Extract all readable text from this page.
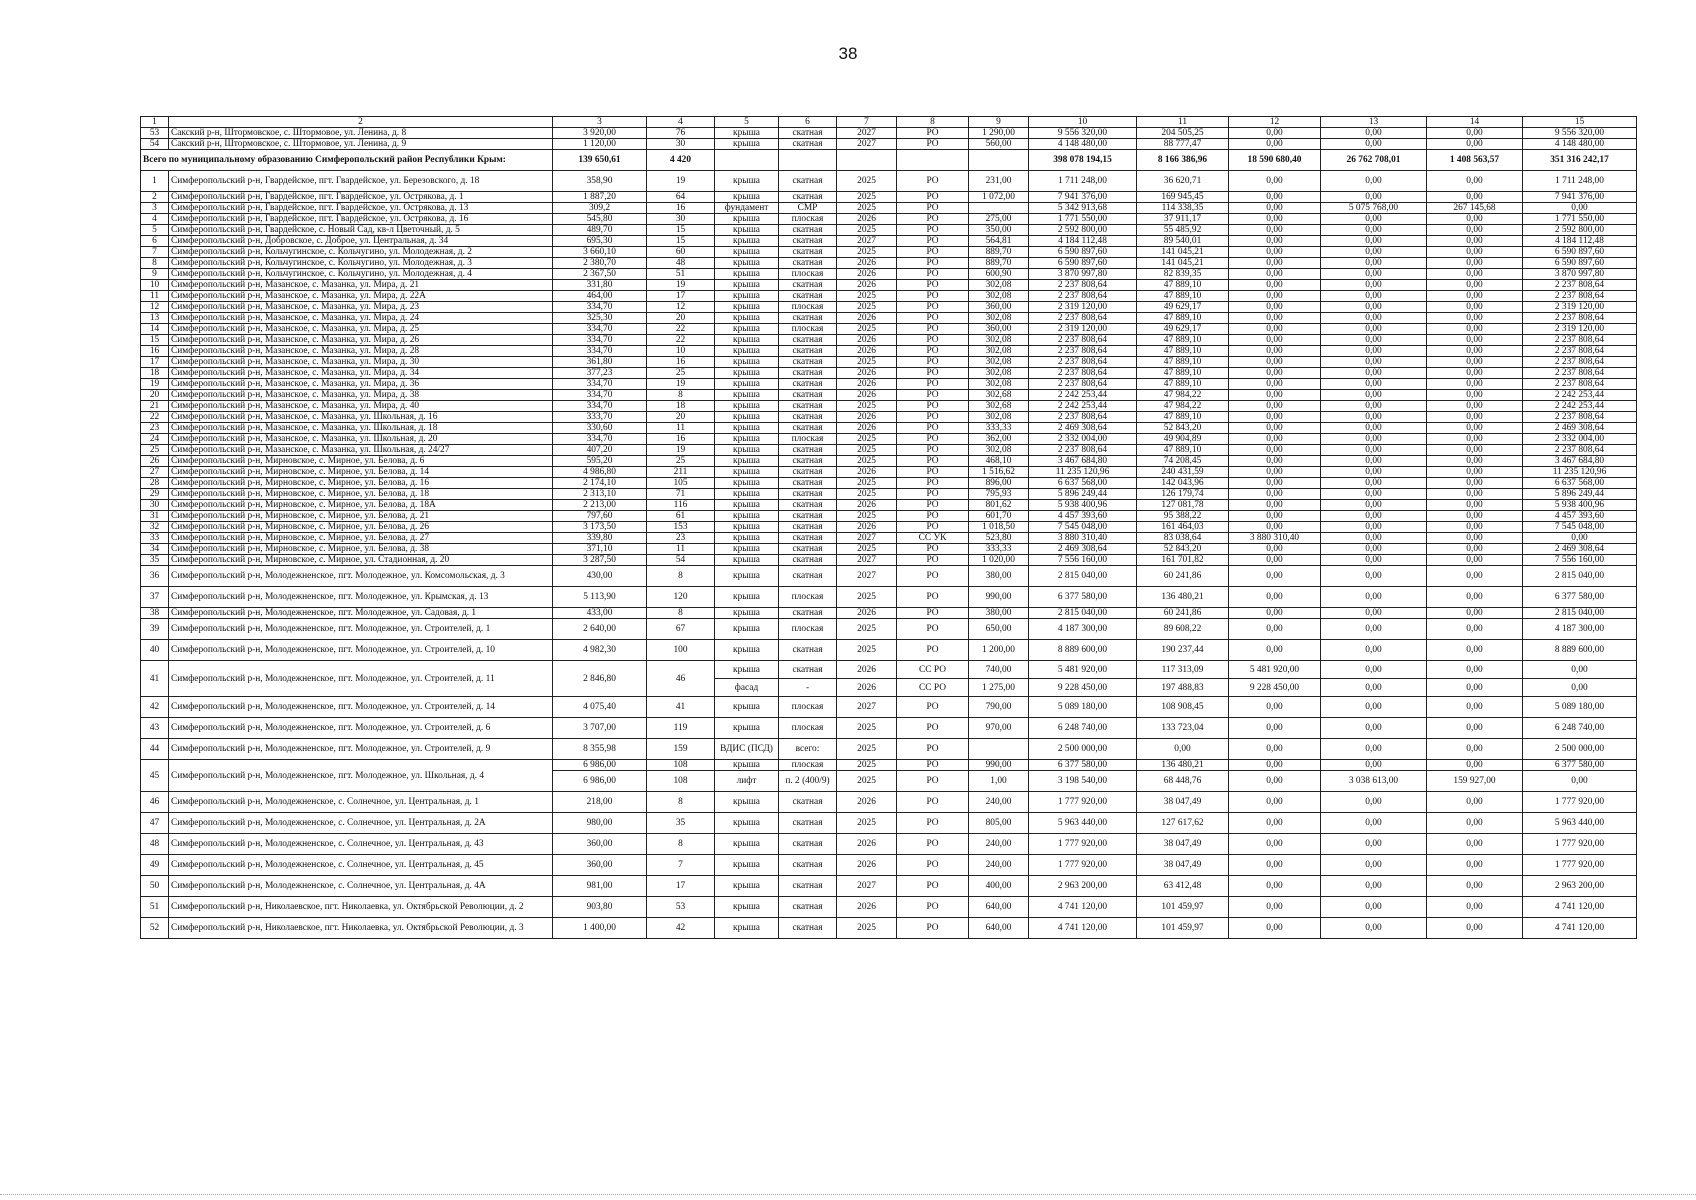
38
1	2	3	4	5	6	7	8	9	10	11	12	13	14	15
53	Сакский р-н, Штормовское, с. Штормовое, ул. Ленина, д. 8	3 920,00	76	крыша	скатная	2027	РО	1 290,00	9 556 320,00	204 505,25	0,00	0,00	0,00	9 556 320,00
54	Сакский р-н, Штормовское, с. Штормовое, ул. Ленина, д. 9	1 120,00	30	крыша	скатная	2027	РО	560,00	4 148 480,00	88 777,47	0,00	0,00	0,00	4 148 480,00
Всего по муниципальному образованию Симферопольский район Республики Крым:		139 650,61	4 420						398 078 194,15	8 166 386,96	18 590 680,40	26 762 708,01	1 408 563,57	351 316 242,17
1	Симферопольский р-н, Гвардейское, пгт. Гвардейское, ул. Березовского, д. 18	358,90	19	крыша	скатная	2025	РО	231,00	1 711 248,00	36 620,71	0,00	0,00	0,00	1 711 248,00
2	Симферопольский р-н, Гвардейское, пгт. Гвардейское, ул. Острякова, д. 1	1 887,20	64	крыша	скатная	2025	РО	1 072,00	7 941 376,00	169 945,45	0,00	0,00	0,00	7 941 376,00
3	Симферопольский р-н, Гвардейское, пгт. Гвардейское, ул. Острякова, д. 13	309,2	16	фундамент	СМР	2025	РО		5 342 913,68	114 338,35	0,00	5 075 768,00	267 145,68	0,00
4	Симферопольский р-н, Гвардейское, пгт. Гвардейское, ул. Острякова, д. 16	545,80	30	крыша	плоская	2026	РО	275,00	1 771 550,00	37 911,17	0,00	0,00	0,00	1 771 550,00
5	Симферопольский р-н, Гвардейское, с. Новый Сад, кв-л Цветочный, д. 5	489,70	15	крыша	скатная	2025	РО	350,00	2 592 800,00	55 485,92	0,00	0,00	0,00	2 592 800,00
6	Симферопольский р-н, Добровское, с. Доброе, ул. Центральная, д. 34	695,30	15	крыша	скатная	2027	РО	564,81	4 184 112,48	89 540,01	0,00	0,00	0,00	4 184 112,48
7	Симферопольский р-н, Кольчугинское, с. Кольчугино, ул. Молодежная, д. 2	3 660,10	60	крыша	скатная	2025	РО	889,70	6 590 897,60	141 045,21	0,00	0,00	0,00	6 590 897,60
8	Симферопольский р-н, Кольчугинское, с. Кольчугино, ул. Молодежная, д. 3	2 380,70	48	крыша	скатная	2026	РО	889,70	6 590 897,60	141 045,21	0,00	0,00	0,00	6 590 897,60
9	Симферопольский р-н, Кольчугинское, с. Кольчугино, ул. Молодежная, д. 4	2 367,50	51	крыша	плоская	2026	РО	600,90	3 870 997,80	82 839,35	0,00	0,00	0,00	3 870 997,80
10	Симферопольский р-н, Мазанское, с. Мазанка, ул. Мира, д. 21	331,80	19	крыша	скатная	2026	РО	302,08	2 237 808,64	47 889,10	0,00	0,00	0,00	2 237 808,64
11	Симферопольский р-н, Мазанское, с. Мазанка, ул. Мира, д. 22А	464,00	17	крыша	скатная	2025	РО	302,08	2 237 808,64	47 889,10	0,00	0,00	0,00	2 237 808,64
12	Симферопольский р-н, Мазанское, с. Мазанка, ул. Мира, д. 23	334,70	12	крыша	плоская	2025	РО	360,00	2 319 120,00	49 629,17	0,00	0,00	0,00	2 319 120,00
13	Симферопольский р-н, Мазанское, с. Мазанка, ул. Мира, д. 24	325,30	20	крыша	скатная	2026	РО	302,08	2 237 808,64	47 889,10	0,00	0,00	0,00	2 237 808,64
14	Симферопольский р-н, Мазанское, с. Мазанка, ул. Мира, д. 25	334,70	22	крыша	плоская	2025	РО	360,00	2 319 120,00	49 629,17	0,00	0,00	0,00	2 319 120,00
15	Симферопольский р-н, Мазанское, с. Мазанка, ул. Мира, д. 26	334,70	22	крыша	скатная	2026	РО	302,08	2 237 808,64	47 889,10	0,00	0,00	0,00	2 237 808,64
16	Симферопольский р-н, Мазанское, с. Мазанка, ул. Мира, д. 28	334,70	10	крыша	скатная	2026	РО	302,08	2 237 808,64	47 889,10	0,00	0,00	0,00	2 237 808,64
17	Симферопольский р-н, Мазанское, с. Мазанка, ул. Мира, д. 30	361,80	16	крыша	скатная	2025	РО	302,08	2 237 808,64	47 889,10	0,00	0,00	0,00	2 237 808,64
18	Симферопольский р-н, Мазанское, с. Мазанка, ул. Мира, д. 34	377,23	25	крыша	скатная	2026	РО	302,08	2 237 808,64	47 889,10	0,00	0,00	0,00	2 237 808,64
19	Симферопольский р-н, Мазанское, с. Мазанка, ул. Мира, д. 36	334,70	19	крыша	скатная	2026	РО	302,08	2 237 808,64	47 889,10	0,00	0,00	0,00	2 237 808,64
20	Симферопольский р-н, Мазанское, с. Мазанка, ул. Мира, д. 38	334,70	8	крыша	скатная	2026	РО	302,68	2 242 253,44	47 984,22	0,00	0,00	0,00	2 242 253,44
21	Симферопольский р-н, Мазанское, с. Мазанка, ул. Мира, д. 40	334,70	18	крыша	скатная	2025	РО	302,68	2 242 253,44	47 984,22	0,00	0,00	0,00	2 242 253,44
22	Симферопольский р-н, Мазанское, с. Мазанка, ул. Школьная, д. 16	333,70	20	крыша	скатная	2026	РО	302,08	2 237 808,64	47 889,10	0,00	0,00	0,00	2 237 808,64
23	Симферопольский р-н, Мазанское, с. Мазанка, ул. Школьная, д. 18	330,60	11	крыша	скатная	2026	РО	333,33	2 469 308,64	52 843,20	0,00	0,00	0,00	2 469 308,64
24	Симферопольский р-н, Мазанское, с. Мазанка, ул. Школьная, д. 20	334,70	16	крыша	плоская	2025	РО	362,00	2 332 004,00	49 904,89	0,00	0,00	0,00	2 332 004,00
25	Симферопольский р-н, Мазанское, с. Мазанка, ул. Школьная, д. 24/27	407,20	19	крыша	скатная	2025	РО	302,08	2 237 808,64	47 889,10	0,00	0,00	0,00	2 237 808,64
26	Симферопольский р-н, Мирновское, с. Мирное, ул. Белова, д. 6	595,20	25	крыша	скатная	2025	РО	468,10	3 467 684,80	74 208,45	0,00	0,00	0,00	3 467 684,80
27	Симферопольский р-н, Мирновское, с. Мирное, ул. Белова, д. 14	4 986,80	211	крыша	скатная	2026	РО	1 516,62	11 235 120,96	240 431,59	0,00	0,00	0,00	11 235 120,96
28	Симферопольский р-н, Мирновское, с. Мирное, ул. Белова, д. 16	2 174,10	105	крыша	скатная	2025	РО	896,00	6 637 568,00	142 043,96	0,00	0,00	0,00	6 637 568,00
29	Симферопольский р-н, Мирновское, с. Мирное, ул. Белова, д. 18	2 313,10	71	крыша	скатная	2025	РО	795,93	5 896 249,44	126 179,74	0,00	0,00	0,00	5 896 249,44
30	Симферопольский р-н, Мирновское, с. Мирное, ул. Белова, д. 18А	2 213,00	116	крыша	скатная	2026	РО	801,62	5 938 400,96	127 081,78	0,00	0,00	0,00	5 938 400,96
31	Симферопольский р-н, Мирновское, с. Мирное, ул. Белова, д. 21	797,60	61	крыша	скатная	2025	РО	601,70	4 457 393,60	95 388,22	0,00	0,00	0,00	4 457 393,60
32	Симферопольский р-н, Мирновское, с. Мирное, ул. Белова, д. 26	3 173,50	153	крыша	скатная	2026	РО	1 018,50	7 545 048,00	161 464,03	0,00	0,00	0,00	7 545 048,00
33	Симферопольский р-н, Мирновское, с. Мирное, ул. Белова, д. 27	339,80	23	крыша	скатная	2027	СС УК	523,80	3 880 310,40	83 038,64	3 880 310,40	0,00	0,00	0,00
34	Симферопольский р-н, Мирновское, с. Мирное, ул. Белова, д. 38	371,10	11	крыша	скатная	2025	РО	333,33	2 469 308,64	52 843,20	0,00	0,00	0,00	2 469 308,64
35	Симферопольский р-н, Мирновское, с. Мирное, ул. Стадионная, д. 20	3 287,50	54	крыша	скатная	2027	РО	1 020,00	7 556 160,00	161 701,82	0,00	0,00	0,00	7 556 160,00
36	Симферопольский р-н, Молодежненское, пгт. Молодежное, ул. Комсомольская, д. 3	430,00	8	крыша	скатная	2027	РО	380,00	2 815 040,00	60 241,86	0,00	0,00	0,00	2 815 040,00
37	Симферопольский р-н, Молодежненское, пгт. Молодежное, ул. Крымская, д. 13	5 113,90	120	крыша	плоская	2025	РО	990,00	6 377 580,00	136 480,21	0,00	0,00	0,00	6 377 580,00
38	Симферопольский р-н, Молодежненское, пгт. Молодежное, ул. Садовая, д. 1	433,00	8	крыша	скатная	2026	РО	380,00	2 815 040,00	60 241,86	0,00	0,00	0,00	2 815 040,00
39	Симферопольский р-н, Молодежненское, пгт. Молодежное, ул. Строителей, д. 1	2 640,00	67	крыша	плоская	2025	РО	650,00	4 187 300,00	89 608,22	0,00	0,00	0,00	4 187 300,00
40	Симферопольский р-н, Молодежненское, пгт. Молодежное, ул. Строителей, д. 10	4 982,30	100	крыша	скатная	2025	РО	1 200,00	8 889 600,00	190 237,44	0,00	0,00	0,00	8 889 600,00
41	Симферопольский р-н, Молодежненское, пгт. Молодежное, ул. Строителей, д. 11	2 846,80	46	крыша	скатная	2026	СС РО	740,00	5 481 920,00	117 313,09	5 481 920,00	0,00	0,00	0,00
				фасад	-	2026	СС РО	1 275,00	9 228 450,00	197 488,83	9 228 450,00	0,00	0,00	0,00
42	Симферопольский р-н, Молодежненское, пгт. Молодежное, ул. Строителей, д. 14	4 075,40	41	крыша	плоская	2027	РО	790,00	5 089 180,00	108 908,45	0,00	0,00	0,00	5 089 180,00
43	Симферопольский р-н, Молодежненское, пгт. Молодежное, ул. Строителей, д. 6	3 707,00	119	крыша	плоская	2025	РО	970,00	6 248 740,00	133 723,04	0,00	0,00	0,00	6 248 740,00
44	Симферопольский р-н, Молодежненское, пгт. Молодежное, ул. Строителей, д. 9	8 355,98	159	ВДИС (ПСД)	всего:	2025	РО		2 500 000,00	0,00	0,00	0,00	0,00	2 500 000,00
45	Симферопольский р-н, Молодежненское, пгт. Молодежное, ул. Школьная, д. 4	6 986,00	108	крыша	плоская	2025	РО	990,00	6 377 580,00	136 480,21	0,00	0,00	0,00	6 377 580,00
		6 986,00	108	лифт	п. 2 (400/9)	2025	РО	1,00	3 198 540,00	68 448,76	0,00	3 038 613,00	159 927,00	0,00
46	Симферопольский р-н, Молодежненское, с. Солнечное, ул. Центральная, д. 1	218,00	8	крыша	скатная	2026	РО	240,00	1 777 920,00	38 047,49	0,00	0,00	0,00	1 777 920,00
47	Симферопольский р-н, Молодежненское, с. Солнечное, ул. Центральная, д. 2А	980,00	35	крыша	скатная	2025	РО	805,00	5 963 440,00	127 617,62	0,00	0,00	0,00	5 963 440,00
48	Симферопольский р-н, Молодежненское, с. Солнечное, ул. Центральная, д. 43	360,00	8	крыша	скатная	2026	РО	240,00	1 777 920,00	38 047,49	0,00	0,00	0,00	1 777 920,00
49	Симферопольский р-н, Молодежненское, с. Солнечное, ул. Центральная, д. 45	360,00	7	крыша	скатная	2026	РО	240,00	1 777 920,00	38 047,49	0,00	0,00	0,00	1 777 920,00
50	Симферопольский р-н, Молодежненское, с. Солнечное, ул. Центральная, д. 4А	981,00	17	крыша	скатная	2027	РО	400,00	2 963 200,00	63 412,48	0,00	0,00	0,00	2 963 200,00
51	Симферопольский р-н, Николаевское, пгт. Николаевка, ул. Октябрьской Революции, д. 2	903,80	53	крыша	скатная	2026	РО	640,00	4 741 120,00	101 459,97	0,00	0,00	0,00	4 741 120,00
52	Симферопольский р-н, Николаевское, пгт. Николаевка, ул. Октябрьской Революции, д. 3	1 400,00	42	крыша	скатная	2025	РО	640,00	4 741 120,00	101 459,97	0,00	0,00	0,00	4 741 120,00
